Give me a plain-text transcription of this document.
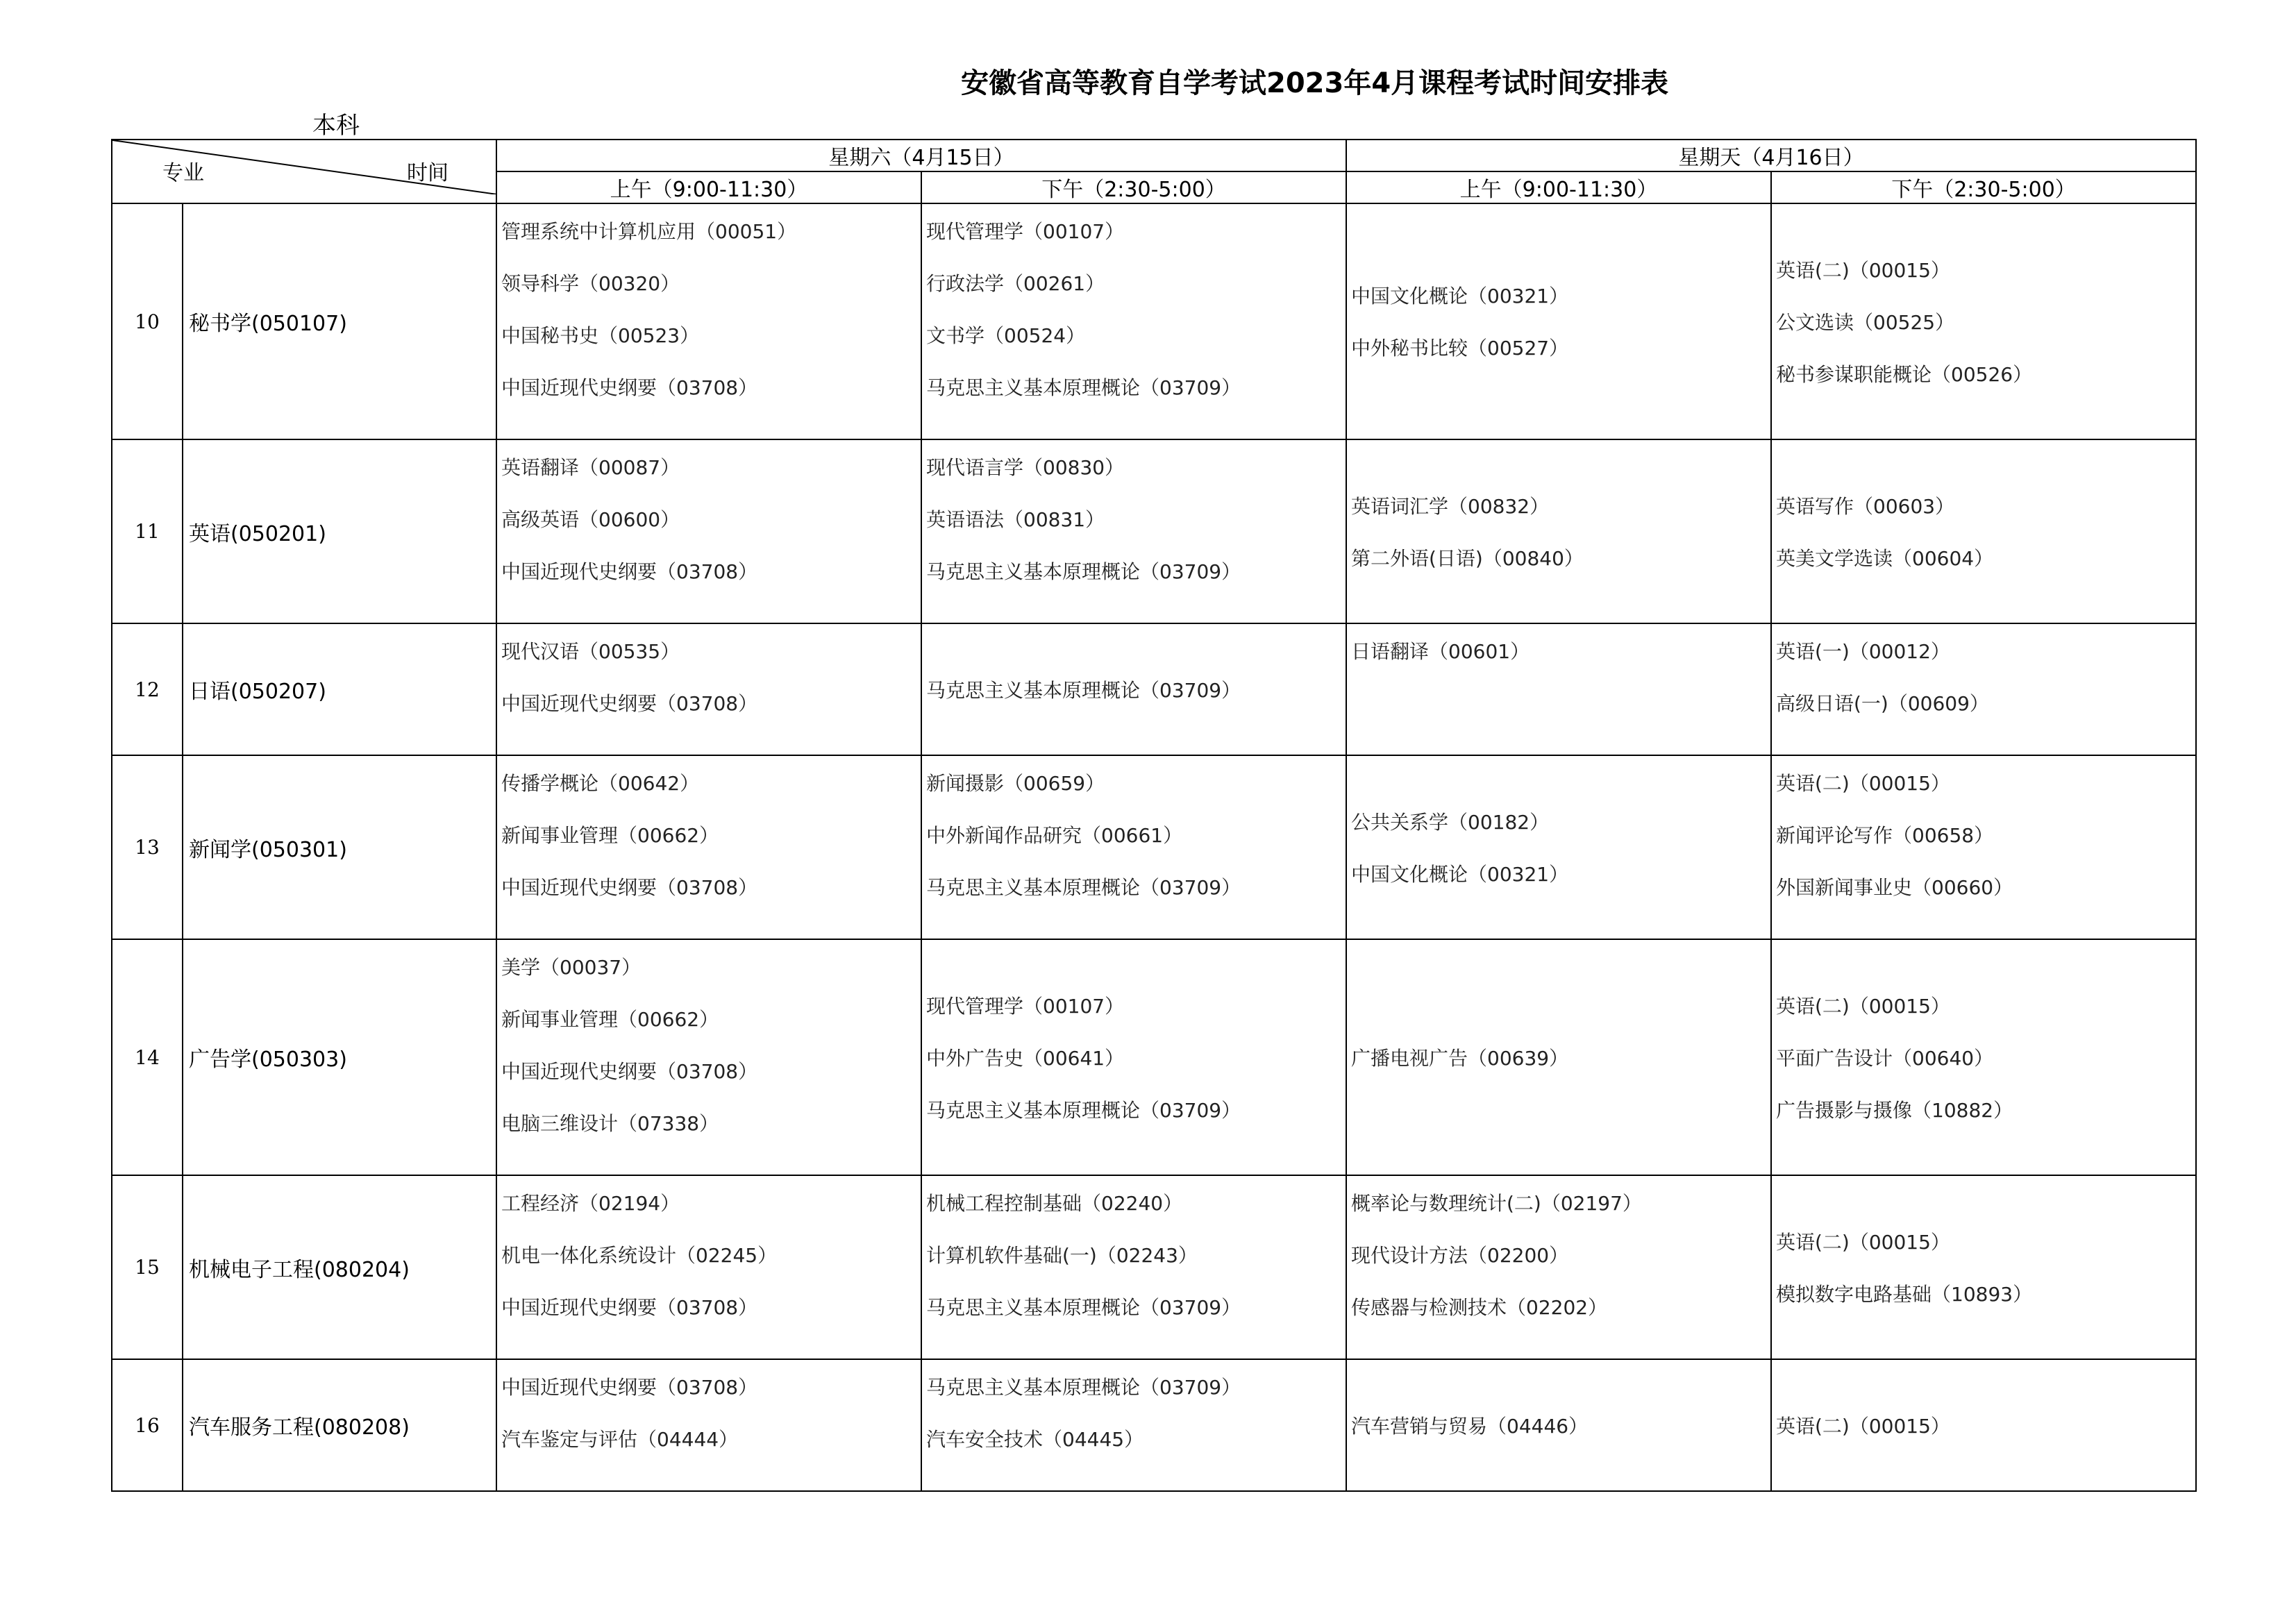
安徽省高等教育自学考试2023年4月课程考试时间安排表
本科
专业 时间		星期六（4月15日）		星期天（4月16日）	
		上午（9:00-11:30）	下午（2:30-5:00）	上午（9:00-11:30）	下午（2:30-5:00）
10	秘书学(050107)	管理系统中计算机应用（00051）
领导科学（00320）
中国秘书史（00523）
中国近现代史纲要（03708）	现代管理学（00107）
行政法学（00261）
文书学（00524）
马克思主义基本原理概论（03709）	中国文化概论（00321）
中外秘书比较（00527）	英语(二)（00015）
公文选读（00525）
秘书参谋职能概论（00526）

11	英语(050201)	英语翻译（00087）
高级英语（00600）
中国近现代史纲要（03708）	现代语言学（00830）
英语语法（00831）
马克思主义基本原理概论（03709）	英语词汇学（00832）
第二外语(日语)（00840）	英语写作（00603）
英美文学选读（00604）

12	日语(050207)	现代汉语（00535）
中国近现代史纲要（03708）	马克思主义基本原理概论（03709）	日语翻译（00601）	英语(一)（00012）
高级日语(一)（00609）

13	新闻学(050301)	传播学概论（00642）
新闻事业管理（00662）
中国近现代史纲要（03708）	新闻摄影（00659）
中外新闻作品研究（00661）
马克思主义基本原理概论（03709）	公共关系学（00182）
中国文化概论（00321）	英语(二)（00015）
新闻评论写作（00658）
外国新闻事业史（00660）

14	广告学(050303)	美学（00037）
新闻事业管理（00662）
中国近现代史纲要（03708）
电脑三维设计（07338）	现代管理学（00107）
中外广告史（00641）
马克思主义基本原理概论（03709）	广播电视广告（00639）	英语(二)（00015）
平面广告设计（00640）
广告摄影与摄像（10882）

15	机械电子工程(080204)	工程经济（02194）
机电一体化系统设计（02245）
中国近现代史纲要（03708）	机械工程控制基础（02240）
计算机软件基础(一)（02243）
马克思主义基本原理概论（03709）	概率论与数理统计(二)（02197）
现代设计方法（02200）
传感器与检测技术（02202）	英语(二)（00015）
模拟数字电路基础（10893）

16	汽车服务工程(080208)	中国近现代史纲要（03708）
汽车鉴定与评估（04444）	马克思主义基本原理概论（03709）
汽车安全技术（04445）	汽车营销与贸易（04446）	英语(二)（00015）
